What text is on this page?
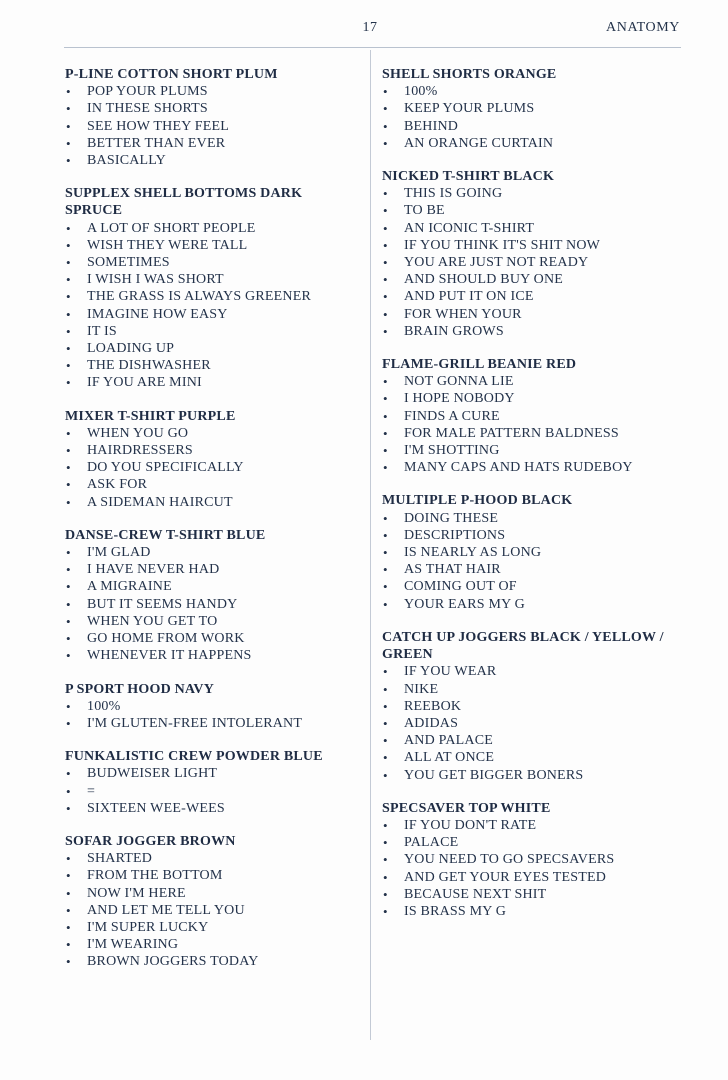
17	ANATOMY
P-LINE COTTON SHORT PLUM
• POP YOUR PLUMS
• IN THESE SHORTS
• SEE HOW THEY FEEL
• BETTER THAN EVER
• BASICALLY
SUPPLEX SHELL BOTTOMS DARK SPRUCE
• A LOT OF SHORT PEOPLE
• WISH THEY WERE TALL
• SOMETIMES
• I WISH I WAS SHORT
• THE GRASS IS ALWAYS GREENER
• IMAGINE HOW EASY
• IT IS
• LOADING UP
• THE DISHWASHER
• IF YOU ARE MINI
MIXER T-SHIRT PURPLE
• WHEN YOU GO
• HAIRDRESSERS
• DO YOU SPECIFICALLY
• ASK FOR
• A SIDEMAN HAIRCUT
DANSE-CREW T-SHIRT BLUE
• I'M GLAD
• I HAVE NEVER HAD
• A MIGRAINE
• BUT IT SEEMS HANDY
• WHEN YOU GET TO
• GO HOME FROM WORK
• WHENEVER IT HAPPENS
P SPORT HOOD NAVY
• 100%
• I'M GLUTEN-FREE INTOLERANT
FUNKALISTIC CREW POWDER BLUE
• BUDWEISER LIGHT
• =
• SIXTEEN WEE-WEES
SOFAR JOGGER BROWN
• SHARTED
• FROM THE BOTTOM
• NOW I'M HERE
• AND LET ME TELL YOU
• I'M SUPER LUCKY
• I'M WEARING
• BROWN JOGGERS TODAY
SHELL SHORTS ORANGE
• 100%
• KEEP YOUR PLUMS
• BEHIND
• AN ORANGE CURTAIN
NICKED T-SHIRT BLACK
• THIS IS GOING
• TO BE
• AN ICONIC T-SHIRT
• IF YOU THINK IT'S SHIT NOW
• YOU ARE JUST NOT READY
• AND SHOULD BUY ONE
• AND PUT IT ON ICE
• FOR WHEN YOUR
• BRAIN GROWS
FLAME-GRILL BEANIE RED
• NOT GONNA LIE
• I HOPE NOBODY
• FINDS A CURE
• FOR MALE PATTERN BALDNESS
• I'M SHOTTING
• MANY CAPS AND HATS RUDEBOY
MULTIPLE P-HOOD BLACK
• DOING THESE
• DESCRIPTIONS
• IS NEARLY AS LONG
• AS THAT HAIR
• COMING OUT OF
• YOUR EARS MY G
CATCH UP JOGGERS BLACK / YELLOW / GREEN
• IF YOU WEAR
• NIKE
• REEBOK
• ADIDAS
• AND PALACE
• ALL AT ONCE
• YOU GET BIGGER BONERS
SPECSAVER TOP WHITE
• IF YOU DON'T RATE
• PALACE
• YOU NEED TO GO SPECSAVERS
• AND GET YOUR EYES TESTED
• BECAUSE NEXT SHIT
• IS BRASS MY G
